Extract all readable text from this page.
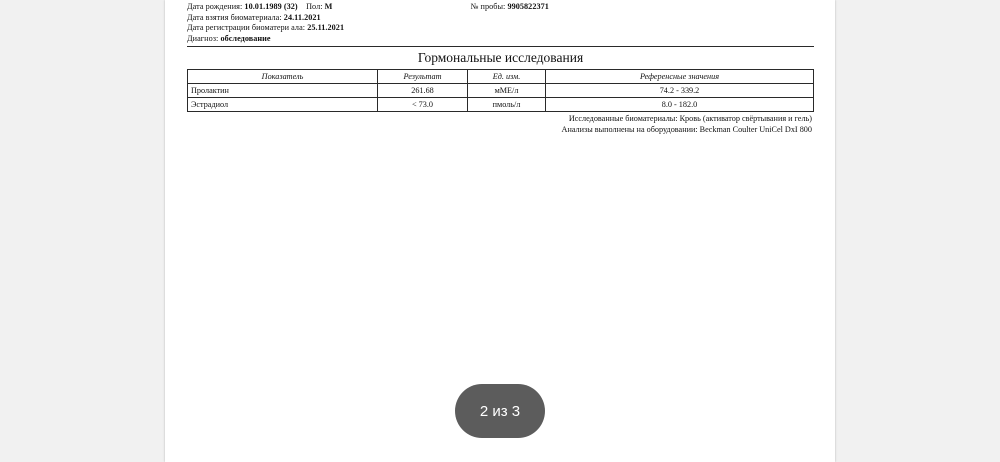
Дата рождения: 10.01.1989 (32) Пол: М	№ пробы: 9905822371
Дата взятия биоматериала: 24.11.2021
Дата регистрации биоматери ала: 25.11.2021
Диагноз: обследование
Гормональные исследования
Показатель	Результат	Ед. изм.	Референсные значения
Пролактин	261.68	мМЕ/л	74.2 - 339.2
Эстрадиол	< 73.0	пмоль/л	8.0 - 182.0
Исследованные биоматериалы: Кровь (активатор свёртывания и гель)
Анализы выполнены на оборудовании: Beckman Coulter UniCel DxI 800
2 из 3
